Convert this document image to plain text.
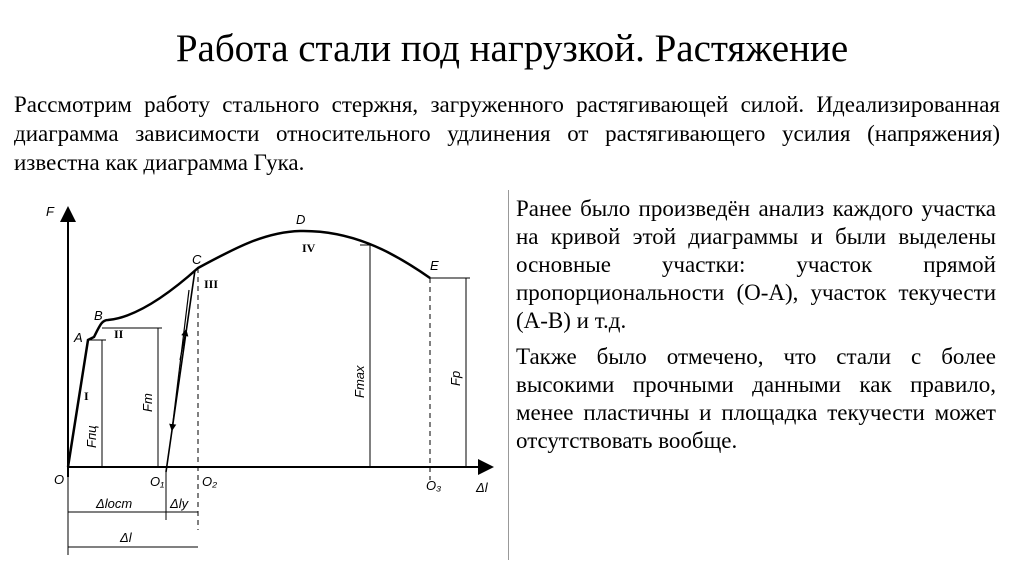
Работа стали под нагрузкой. Растяжение
Рассмотрим работу стального стержня, загруженного растягивающей силой. Идеализированная диаграмма зависимости относительного удлинения от растягивающего усилия (напряжения) известна как диаграмма Гука.
F
Δl
O
A
B
C
D
E
O₁	O₂	O₃
I
II
III
IV
Fпц
Fт
Fmax	Fр
Δlост	Δly
Δl

Ранее было произведён анализ каждого участка на кривой этой диаграммы и были выделены основные участки: участок прямой пропорциональности (О-А), участок текучести (А-В) и т.д.

Также было отмечено, что стали с более высокими прочными данными как правило, менее пластичны и площадка текучести может отсутствовать вообще.
